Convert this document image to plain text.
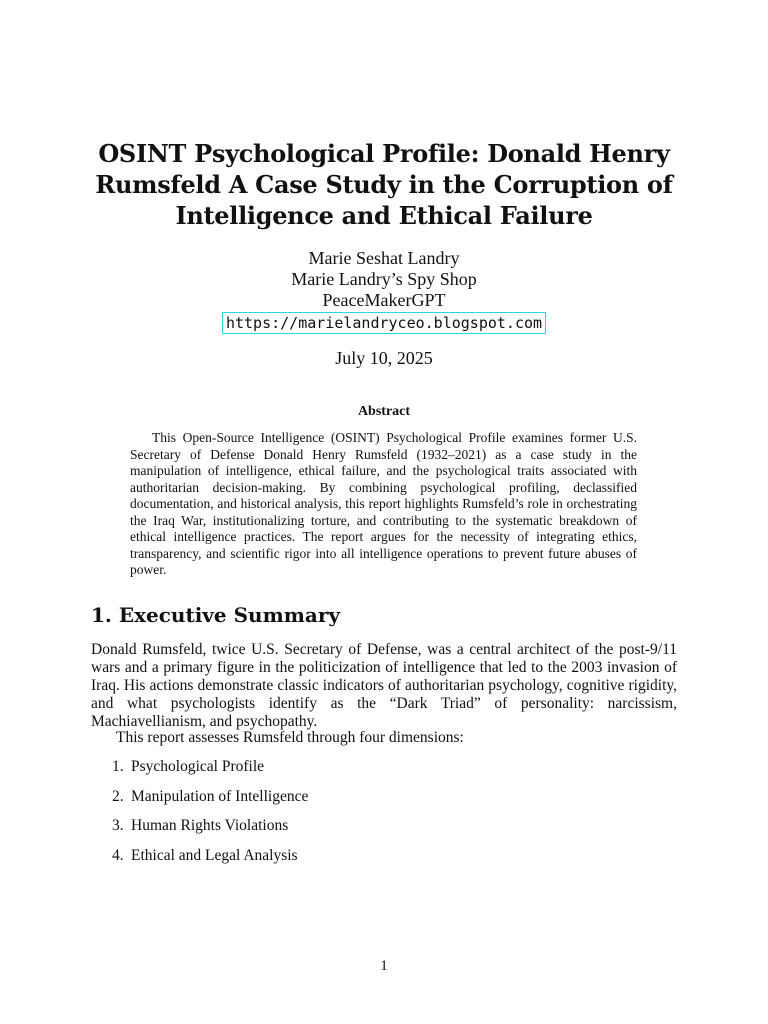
OSINT Psychological Profile: Donald Henry Rumsfeld A Case Study in the Corruption of Intelligence and Ethical Failure
Marie Seshat Landry
Marie Landry’s Spy Shop
PeaceMakerGPT
https://marielandryceo.blogspot.com
July 10, 2025
Abstract

This Open-Source Intelligence (OSINT) Psychological Profile examines former U.S. Secretary of Defense Donald Henry Rumsfeld (1932–2021) as a case study in the manipulation of intelligence, ethical failure, and the psychological traits associated with authoritarian decision-making. By combining psychological profiling, declassified documentation, and historical analysis, this report highlights Rumsfeld’s role in orchestrating the Iraq War, institutionalizing torture, and contributing to the systematic breakdown of ethical intelligence practices. The report argues for the necessity of integrating ethics, transparency, and scientific rigor into all intelligence operations to prevent future abuses of power.

1. Executive Summary

Donald Rumsfeld, twice U.S. Secretary of Defense, was a central architect of the post-9/11 wars and a primary figure in the politicization of intelligence that led to the 2003 invasion of Iraq. His actions demonstrate classic indicators of authoritarian psychology, cognitive rigidity, and what psychologists identify as the “Dark Triad” of personality: narcissism, Machiavellianism, and psychopathy.

This report assesses Rumsfeld through four dimensions:

1. Psychological Profile
2. Manipulation of Intelligence
3. Human Rights Violations
4. Ethical and Legal Analysis
1
